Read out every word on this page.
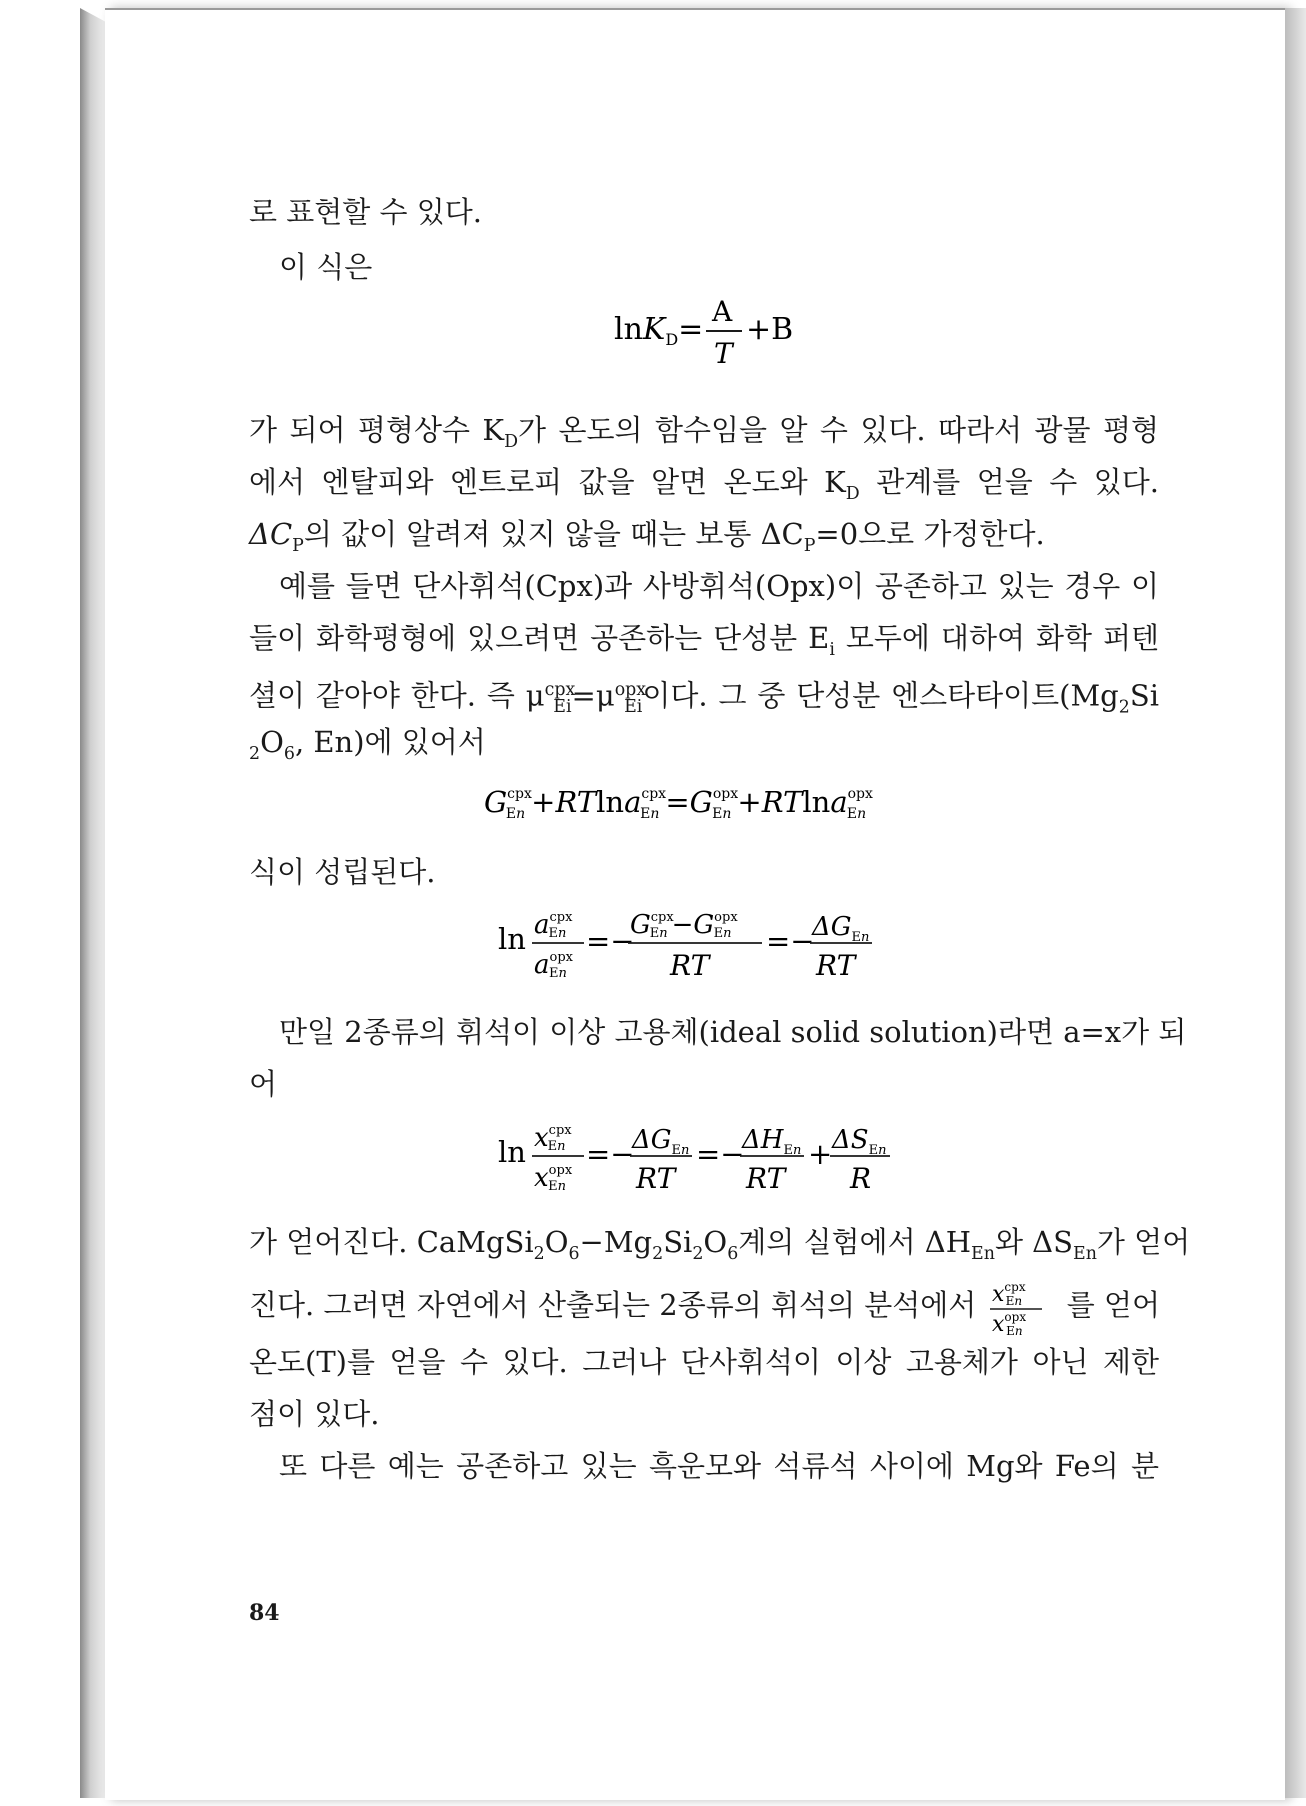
로 표현할 수 있다.
이 식은
lnK$_D$=
A
T
+B
가 되어 평형상수 $K_D$가 온도의 함수임을 알 수 있다. 따라서 광물 평형
에서 엔탈피와 엔트로피 값을 알면 온도와 $K_D$ 관계를 얻을 수 있다.
$\Delta C_P$의 값이 알려져 있지 않을 때는 보통 $\Delta C_P=0$으로 가정한다.
예를 들면 단사휘석(Cpx)과 사방휘석(Opx)이 공존하고 있는 경우 이
들이 화학평형에 있으려면 공존하는 단성분 $E_i$ 모두에 대하여 화학 퍼텐
셜이 같아야 한다. 즉 $\mu^{cpx}_{Ei}=\mu^{opx}_{Ei}$이다. 그 중 단성분 엔스타타이트($Mg_2Si$
$_2O_6$, En)에 있어서
$G^{cpx}$ En +RTlna$^{cpx}$ $En =G^{opx}$ En +RTlna$^{opx}$ En
식이 성립된다.
$\ln a^{cpx}$ En
$a^{opx}$ En
=−
$G^{cpx}$ $En -G^{opx}$ En
RT
=−
$\Delta G_En$
RT
만일 2종류의 휘석이 이상 고용체(ideal solid solution)라면 a=x가 되
어
$\ln x^{cpx}$ En
$x^{opx}$ En
=−
$\Delta G_En$
RT
=−
$\Delta H_En$
RT
+ $\Delta S_En$
R
가 얻어진다. $CaMgSi_2O_6-Mg_2Si_2O_6$계의 실험에서 $\Delta H_{En}$와 $\Delta S_{En}$가 얻어
진다. 그러면 자연에서 산출되는 2종류의 휘석의 분석에서 $x^{cpx}$ En
$x^{opx}$ En
를 얻어
온도(T)를 얻을 수 있다. 그러나 단사휘석이 이상 고용체가 아닌 제한
점이 있다.
또 다른 예는 공존하고 있는 흑운모와 석류석 사이에 Mg와 Fe의 분
84
